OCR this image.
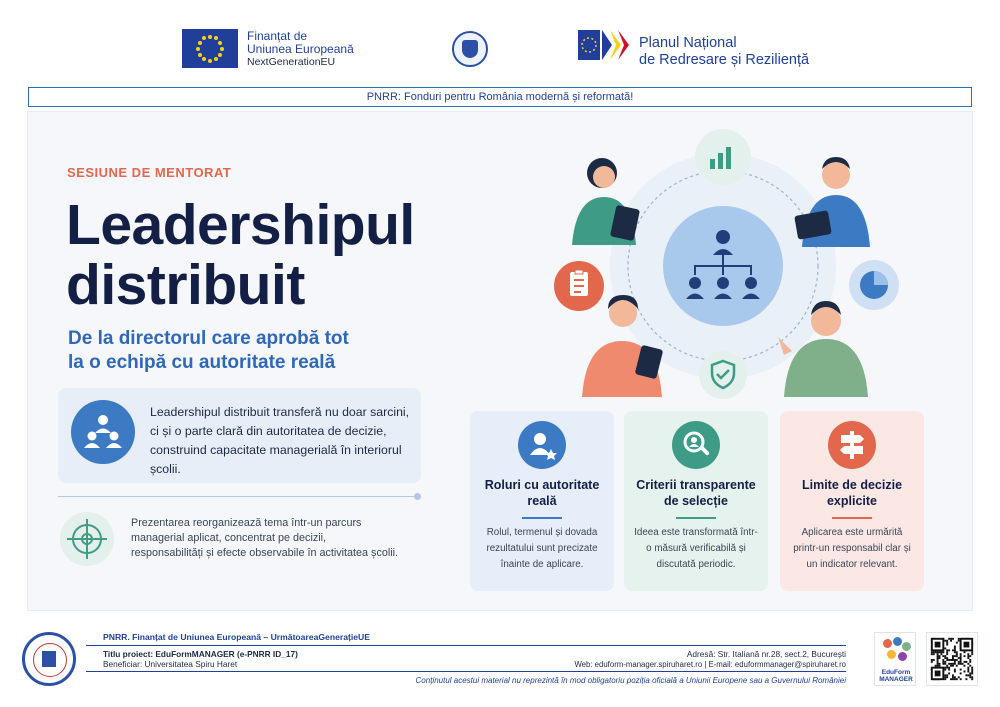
Finanțat de
Uniunea Europeană
NextGenerationEU
Planul Național
de Redresare și Reziliență
PNRR: Fonduri pentru România modernă și reformată!
SESIUNE DE MENTORAT
Leadershipul
distribuit
De la directorul care aprobă tot
la o echipă cu autoritate reală
Leadershipul distribuit transferă nu doar sarcini, ci și o parte clară din autoritatea de decizie, construind capacitate managerială în interiorul școlii.
Prezentarea reorganizează tema într-un parcurs managerial aplicat, concentrat pe decizii, responsabilități și efecte observabile în activitatea școlii.
Roluri cu autoritate reală
Rolul, termenul și dovada rezultatului sunt precizate înainte de aplicare.
Criterii transparente de selecție
Ideea este transformată într-o măsură verificabilă și discutată periodic.
Limite de decizie explicite
Aplicarea este urmărită printr-un responsabil clar și un indicator relevant.
PNRR. Finanțat de Uniunea Europeană – UrmătoareaGenerațieUE
Titlu proiect: EduFormMANAGER (e-PNRR ID_17)
Beneficiar: Universitatea Spiru Haret
Adresă: Str. Italiană nr.28, sect.2, București
Web: eduform-manager.spiruharet.ro | E-mail: eduformmanager@spiruharet.ro
Conținutul acestui material nu reprezintă în mod obligatoriu poziția oficială a Uniunii Europene sau a Guvernului României
EduForm
MANAGER
